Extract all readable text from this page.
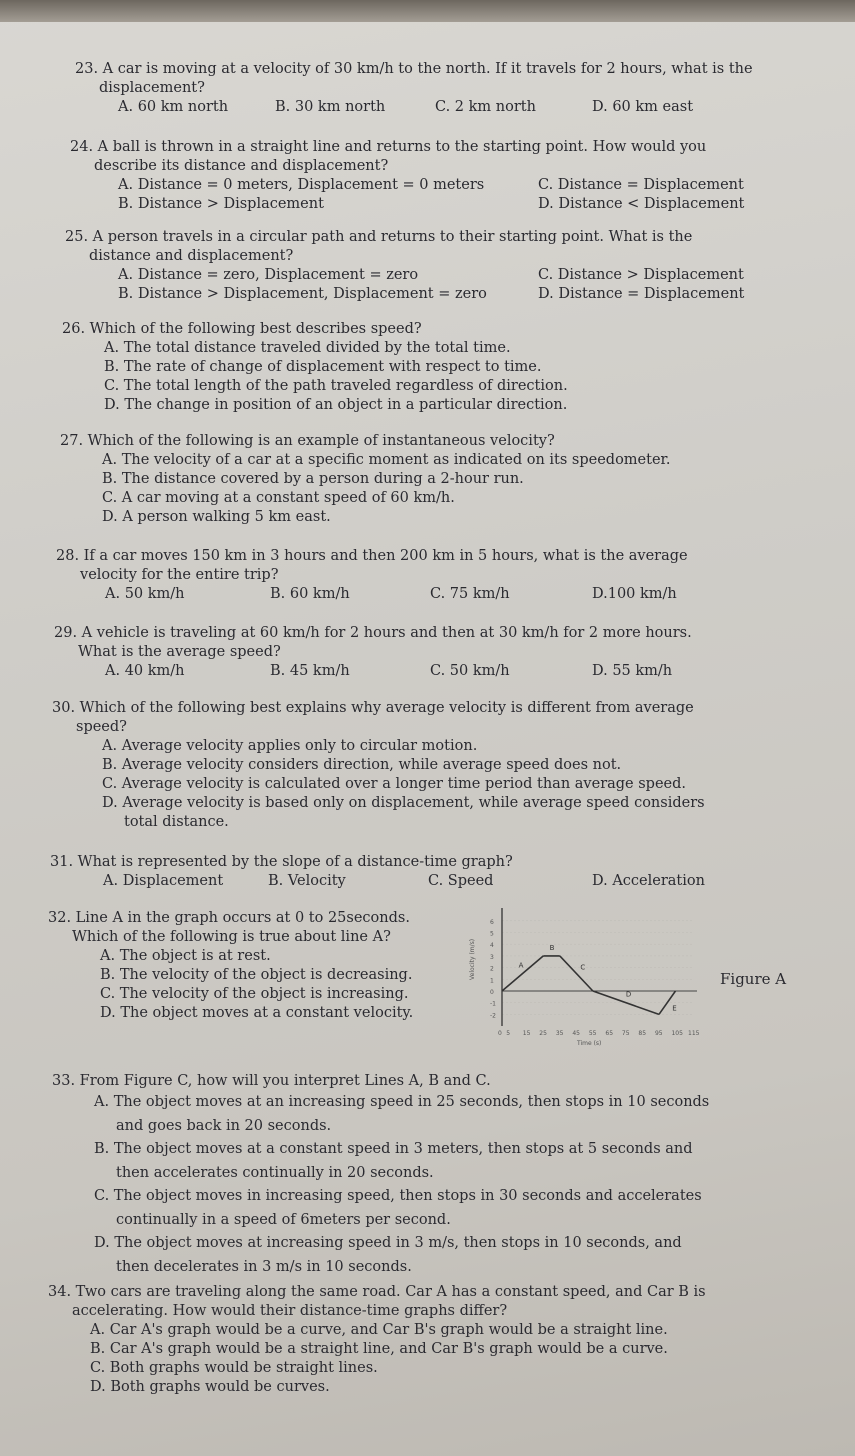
23. A car is moving at a velocity of 30 km/h to the north. If it travels for 2 hours, what is the
displacement?
A. 60 km north	B. 30 km north	C. 2 km north	D. 60 km east
24. A ball is thrown in a straight line and returns to the starting point. How would you
describe its distance and displacement?
A. Distance = 0 meters, Displacement = 0 meters	C. Distance = Displacement
B. Distance > Displacement	D. Distance < Displacement
25. A person travels in a circular path and returns to their starting point. What is the
distance and displacement?
A. Distance = zero, Displacement = zero	C. Distance > Displacement
B. Distance > Displacement, Displacement = zero	D. Distance = Displacement
26. Which of the following best describes speed?
A. The total distance traveled divided by the total time.
B. The rate of change of displacement with respect to time.
C. The total length of the path traveled regardless of direction.
D. The change in position of an object in a particular direction.
27. Which of the following is an example of instantaneous velocity?
A. The velocity of a car at a specific moment as indicated on its speedometer.
B. The distance covered by a person during a 2-hour run.
C. A car moving at a constant speed of 60 km/h.
D. A person walking 5 km east.
28. If a car moves 150 km in 3 hours and then 200 km in 5 hours, what is the average
velocity for the entire trip?
A. 50 km/h	B. 60 km/h	C. 75 km/h	D.100 km/h
29. A vehicle is traveling at 60 km/h for 2 hours and then at 30 km/h for 2 more hours.
What is the average speed?
A. 40 km/h	B. 45 km/h	C. 50 km/h	D. 55 km/h
30. Which of the following best explains why average velocity is different from average
speed?
A. Average velocity applies only to circular motion.
B. Average velocity considers direction, while average speed does not.
C. Average velocity is calculated over a longer time period than average speed.
D. Average velocity is based only on displacement, while average speed considers
total distance.
31. What is represented by the slope of a distance-time graph?
A. Displacement	B. Velocity	C. Speed	D. Acceleration
32. Line A in the graph occurs at 0 to 25seconds.
Which of the following is true about line A?
A. The object is at rest.
B. The velocity of the object is decreasing.
C. The velocity of the object is increasing.
D. The object moves at a constant velocity.
33. From Figure C, how will you interpret Lines A, B and C.
A. The object moves at an increasing speed in 25 seconds, then stops in 10 seconds
and goes back in 20 seconds.
B. The object moves at a constant speed in 3 meters, then stops at 5 seconds and
then accelerates continually in 20 seconds.
C. The object moves in increasing speed, then stops in 30 seconds and accelerates
continually in a speed of 6meters per second.
D. The object moves at increasing speed in 3 m/s, then stops in 10 seconds, and
then decelerates in 3 m/s in 10 seconds.
34. Two cars are traveling along the same road. Car A has a constant speed, and Car B is
accelerating. How would their distance-time graphs differ?
A. Car A's graph would be a curve, and Car B's graph would be a straight line.
B. Car A's graph would be a straight line, and Car B's graph would be a curve.
C. Both graphs would be straight lines.
D. Both graphs would be curves.
6
5
4
3
2
1
0
-1
-2
0 5 15 25 35 45 55 65 75 85 95 105 115
Time (s)
Velocity (m/s)	A
B
C
D
E
Figure A
